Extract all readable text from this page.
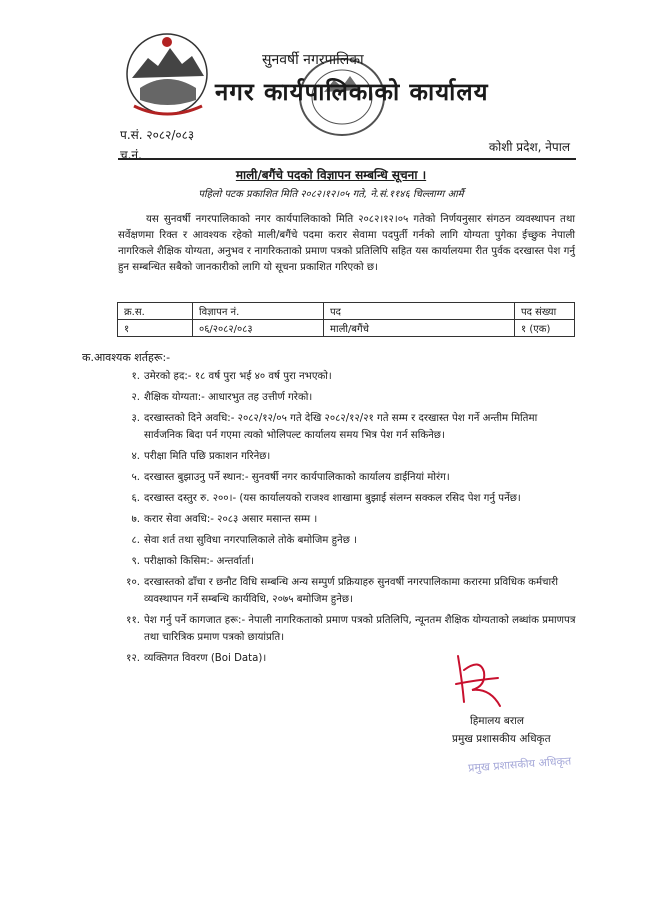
सुनवर्षी नगरपालिका
नगर कार्यपालिकाको कार्यालय
प.सं. २०८२/०८३
च.नं.
कोशी प्रदेश, नेपाल
माली/बगैंचे पदको विज्ञापन सम्बन्धि सूचना ।
पहिलो पटक प्रकाशित मिति २०८२।१२।०५ गते, ने.सं.११४६ चिल्लाग्ग आर्मै
यस सुनवर्षी नगरपालिकाको नगर कार्यपालिकाको मिति २०८२।१२।०५ गतेको निर्णयनुसार संगठन व्यवस्थापन तथा सर्वेक्षणमा रिक्त र आवश्यक रहेको माली/बगैंचे पदमा करार सेवामा पदपुर्ती गर्नको लागि योग्यता पुगेका ईच्छुक नेपाली नागरिकले शैक्षिक योग्यता, अनुभव र नागरिकताको प्रमाण पत्रको प्रतिलिपि सहित यस कार्यालयमा रीत पुर्वक दरखास्त पेश गर्नु हुन सम्बन्धित सबैको जानकारीको लागि यो सूचना प्रकाशित गरिएको छ।
क्र.स.	विज्ञापन नं.	पद	पद संख्या
१	०६/२०८२/०८३	माली/बगैंचे	१ (एक)
क.आवश्यक शर्तहरू:-
१. उमेरको हद:- १८ वर्ष पुरा भई ४० वर्ष पुरा नभएको।
२. शैक्षिक योग्यता:- आधारभुत तह उत्तीर्ण गरेको।
३. दरखास्तको दिने अवधि:- २०८२/१२/०५ गते देखि २०८२/१२/२१ गते सम्म र दरखास्त पेश गर्ने अन्तीम मितिमा सार्वजनिक बिदा पर्न गएमा त्यको भोलिपल्ट कार्यालय समय भित्र पेश गर्न सकिनेछ।
४. परीक्षा मिति पछि प्रकाशन गरिनेछ।
५. दरखास्त बुझाउनु पर्ने स्थान:- सुनवर्षी नगर कार्यपालिकाको कार्यालय डाईनियां मोरंग।
६. दरखास्त दस्तुर रु. २००।- (यस कार्यालयको राजश्व शाखामा बुझाई संलग्न सक्कल रसिद पेश गर्नु पर्नेछ।
७. करार सेवा अवधि:- २०८३ असार मसान्त सम्म ।
८. सेवा शर्त तथा सुविधा नगरपालिकाले तोके बमोजिम हुनेछ ।
९. परीक्षाको किसिम:- अन्तर्वार्ता।
१०. दरखास्तको ढाँचा र छनौट विधि सम्बन्धि अन्य सम्पुर्ण प्रक्रियाहरु सुनवर्षी नगरपालिकामा करारमा प्रविधिक कर्मचारी व्यवस्थापन गर्ने सम्बन्धि कार्यविधि, २०७५ बमोजिम हुनेछ।
११. पेश गर्नु पर्ने कागजात हरू:- नेपाली नागरिकताको प्रमाण पत्रको प्रतिलिपि, न्यूनतम शैक्षिक योग्यताको लब्धांक प्रमाणपत्र तथा चारित्रिक प्रमाण पत्रको छायांप्रति।
१२. व्यक्तिगत विवरण (Boi Data)।
हिमालय बराल
प्रमुख प्रशासकीय अधिकृत
प्रमुख प्रशासकीय अधिकृत
